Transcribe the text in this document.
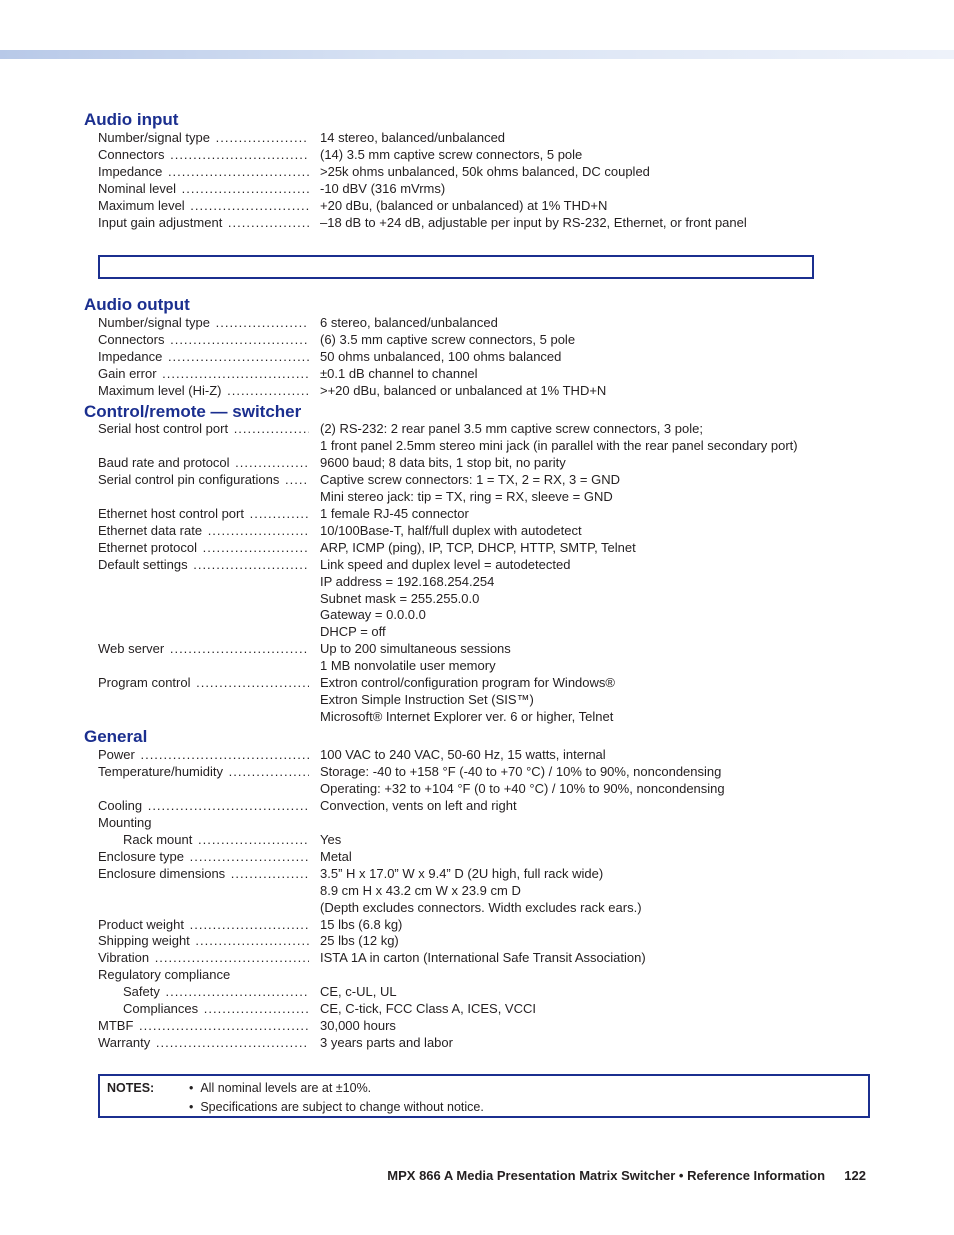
Audio input
Number/signal type .....	14 stereo, balanced/unbalanced
Connectors .....	(14) 3.5 mm captive screw connectors, 5 pole
Impedance .....	>25k ohms unbalanced, 50k ohms balanced, DC coupled
Nominal level .....	-10 dBV (316 mVrms)
Maximum level .....	+20 dBu, (balanced or unbalanced) at 1% THD+N
Input gain adjustment .....	–18 dB to +24 dB, adjustable per input by RS-232, Ethernet, or front panel
Audio output
Number/signal type .....	6 stereo, balanced/unbalanced
Connectors .....	(6) 3.5 mm captive screw connectors, 5 pole
Impedance .....	50 ohms unbalanced, 100 ohms balanced
Gain error .....	±0.1 dB channel to channel
Maximum level (Hi-Z) .....	>+20 dBu, balanced or unbalanced at 1% THD+N
Control/remote — switcher
Serial host control port .....	(2) RS-232: 2 rear panel 3.5 mm captive screw connectors, 3 pole;
1 front panel 2.5mm stereo mini jack (in parallel with the rear panel secondary port)
Baud rate and protocol .....	9600 baud; 8 data bits, 1 stop bit, no parity
Serial control pin configurations .....	Captive screw connectors: 1 = TX, 2 = RX, 3 = GND
Mini stereo jack: tip = TX, ring = RX, sleeve = GND
Ethernet host control port .....	1 female RJ-45 connector
Ethernet data rate .....	10/100Base-T, half/full duplex with autodetect
Ethernet protocol .....	ARP, ICMP (ping), IP, TCP, DHCP, HTTP, SMTP, Telnet
Default settings .....	Link speed and duplex level = autodetected
IP address = 192.168.254.254
Subnet mask = 255.255.0.0
Gateway = 0.0.0.0
DHCP = off
Web server .....	Up to 200 simultaneous sessions
1 MB nonvolatile user memory
Program control .....	Extron control/configuration program for Windows®
Extron Simple Instruction Set (SIS™)
Microsoft® Internet Explorer ver. 6 or higher, Telnet
General
Power .....	100 VAC to 240 VAC, 50-60 Hz, 15 watts, internal
Temperature/humidity .....	Storage: -40 to +158 °F (-40 to +70 °C) / 10% to 90%, noncondensing
Operating: +32 to +104 °F (0 to +40 °C) / 10% to 90%, noncondensing
Cooling .....	Convection, vents on left and right
Mounting
Rack mount .....	Yes
Enclosure type .....	Metal
Enclosure dimensions .....	3.5” H x 17.0” W x 9.4” D (2U high, full rack wide)
8.9 cm H x 43.2 cm W x 23.9 cm D
(Depth excludes connectors. Width excludes rack ears.)
Product weight .....	15 lbs (6.8 kg)
Shipping weight .....	25 lbs (12 kg)
Vibration .....	ISTA 1A in carton (International Safe Transit Association)
Regulatory compliance
Safety .....	CE, c-UL, UL
Compliances .....	CE, C-tick, FCC Class A, ICES, VCCI
MTBF .....	30,000 hours
Warranty .....	3 years parts and labor
NOTES:	•  All nominal levels are at ±10%.
•  Specifications are subject to change without notice.
MPX 866 A Media Presentation Matrix Switcher • Reference Information 122
